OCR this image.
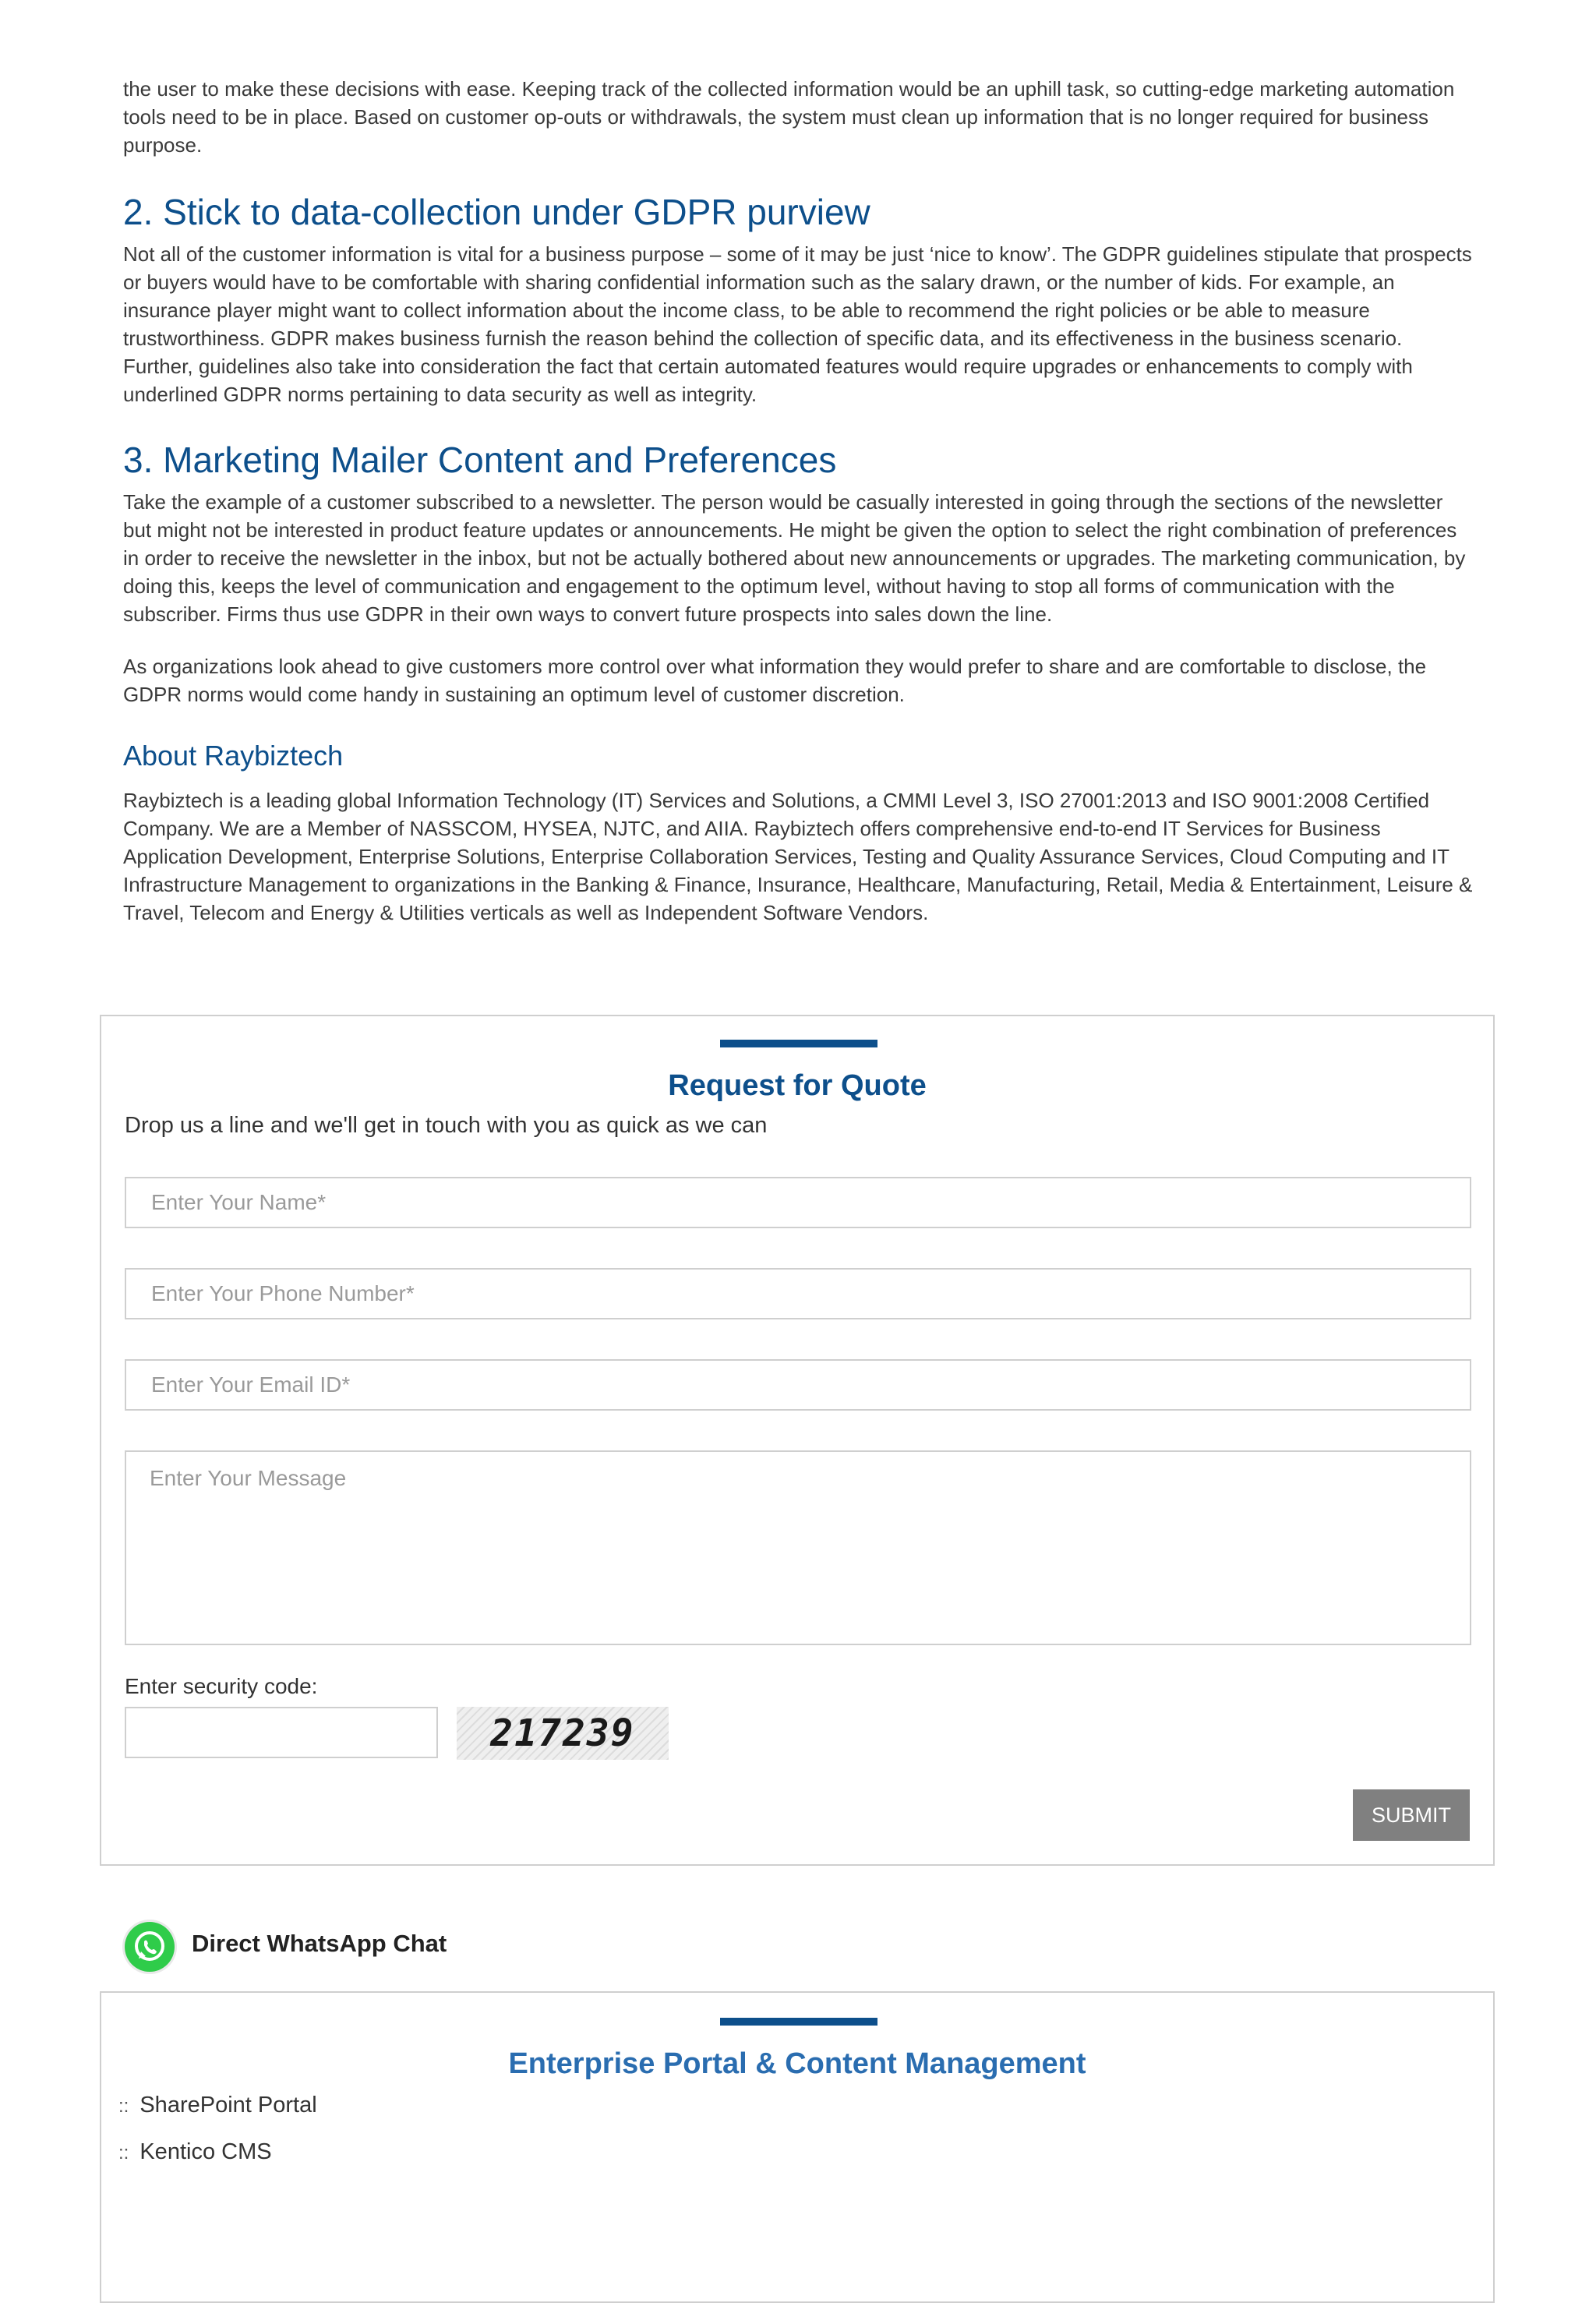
the user to make these decisions with ease. Keeping track of the collected information would be an uphill task, so cutting-edge marketing automation tools need to be in place. Based on customer op-outs or withdrawals, the system must clean up information that is no longer required for business purpose.

2. Stick to data-collection under GDPR purview

Not all of the customer information is vital for a business purpose – some of it may be just ‘nice to know’. The GDPR guidelines stipulate that prospects or buyers would have to be comfortable with sharing confidential information such as the salary drawn, or the number of kids. For example, an insurance player might want to collect information about the income class, to be able to recommend the right policies or be able to measure trustworthiness. GDPR makes business furnish the reason behind the collection of specific data, and its effectiveness in the business scenario. Further, guidelines also take into consideration the fact that certain automated features would require upgrades or enhancements to comply with underlined GDPR norms pertaining to data security as well as integrity.

3. Marketing Mailer Content and Preferences

Take the example of a customer subscribed to a newsletter. The person would be casually interested in going through the sections of the newsletter but might not be interested in product feature updates or announcements. He might be given the option to select the right combination of preferences in order to receive the newsletter in the inbox, but not be actually bothered about new announcements or upgrades. The marketing communication, by doing this, keeps the level of communication and engagement to the optimum level, without having to stop all forms of communication with the subscriber. Firms thus use GDPR in their own ways to convert future prospects into sales down the line.

As organizations look ahead to give customers more control over what information they would prefer to share and are comfortable to disclose, the GDPR norms would come handy in sustaining an optimum level of customer discretion.

About Raybiztech

Raybiztech is a leading global Information Technology (IT) Services and Solutions, a CMMI Level 3, ISO 27001:2013 and ISO 9001:2008 Certified Company. We are a Member of NASSCOM, HYSEA, NJTC, and AIIA. Raybiztech offers comprehensive end-to-end IT Services for Business Application Development, Enterprise Solutions, Enterprise Collaboration Services, Testing and Quality Assurance Services, Cloud Computing and IT Infrastructure Management to organizations in the Banking & Finance, Insurance, Healthcare, Manufacturing, Retail, Media & Entertainment, Leisure & Travel, Telecom and Energy & Utilities verticals as well as Independent Software Vendors.

Request for Quote
Drop us a line and we'll get in touch with you as quick as we can
Enter Your Name*
Enter Your Phone Number*
Enter Your Email ID*
Enter Your Message
Enter security code:
217239
SUBMIT
Direct WhatsApp Chat
Enterprise Portal & Content Management
:: SharePoint Portal
:: Kentico CMS
